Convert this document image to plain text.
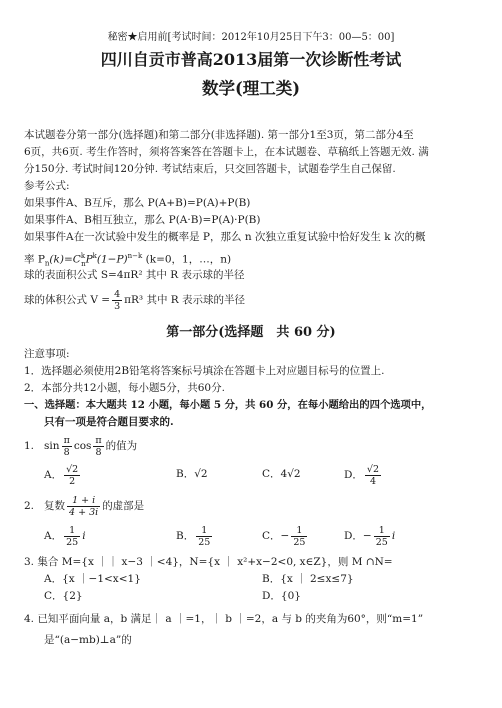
秘密★启用前[考试时间：2012年10月25日下午3：00—5：00]
四川自贡市普高2013届第一次诊断性考试
数学(理工类)
本试题卷分第一部分(选择题)和第二部分(非选择题). 第一部分1至3页，第二部分4至
6页，共6页. 考生作答时，须将答案答在答题卡上，在本试题卷、草稿纸上答题无效. 满
分150分. 考试时间120分钟. 考试结束后，只交回答题卡，试题卷学生自己保留.
参考公式:
如果事件A、B互斥，那么 P(A+B)=P(A)+P(B)
如果事件A、B相互独立，那么 P(A·B)=P(A)·P(B)
如果事件A在一次试验中发生的概率是 P，那么 n 次独立重复试验中恰好发生 k 次的概
率 $P_n(k)=C^k_nP^k(1-P)^{n-k}$ (k=0，1，…，n)
球的表面积公式 S=4πR² 其中 R 表示球的半径
球的体积公式 $V = \frac{4}{3} \pi R^3$ 其中 R 表示球的半径
第一部分(选择题　共 60 分)
注意事项:
1．选择题必须使用2B铅笔将答案标号填涂在答题卡上对应题目标号的位置上.
2．本部分共12小题，每小题5分，共60分.
一、选择题：本大题共 12 小题，每小题 5 分，共 60 分，在每小题给出的四个选项中，
只有一项是符合题目要求的.
1. $\sin \frac{\pi}{8}$ $\cos \frac{\pi}{8}$ 的值为
A． $\frac{√2}{2}$	B．√2	C．4√2	D． $\frac{√2}{4}$
2. 复数 $\frac{1 + i}{4 + 3i}$ 的虚部是
A． $\frac{1}{25}$ i	B． $\frac{1}{25}$	C．− $\frac{1}{25}$	D．− $\frac{1}{25}$ i
3. 集合 M={x ｜｜ x−3 ｜<4}，N={x ｜ x²+x−2<0, x∈Z}，则 M ∩N=
A．{x ｜−1<x<1}	B．{x ｜ 2≤x≤7}
C．{2}	D．{0}
4. 已知平面向量 a，b 满足｜ a ｜=1，｜ b ｜=2，a 与 b 的夹角为60°，则“m=1”
是“(a−mb)⊥a”的
